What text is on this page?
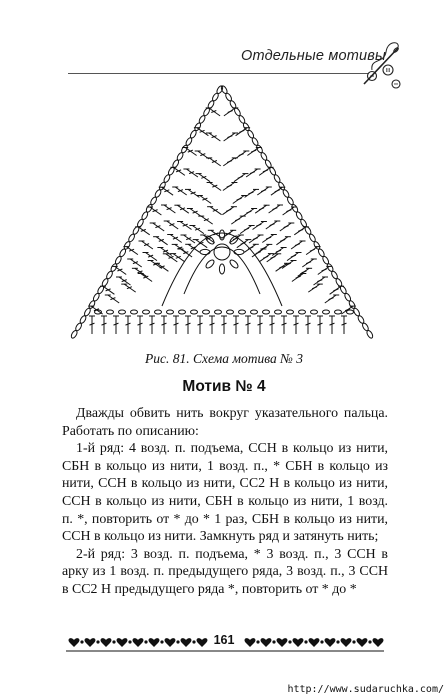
Отдельные мотивы
Рис. 81. Схема мотива № 3
Мотив № 4

Дважды обвить нить вокруг указательного пальца. Работать по описанию:

1-й ряд: 4 возд. п. подъема, ССН в кольцо из нити, СБН в кольцо из нити, 1 возд. п., * СБН в кольцо из нити, ССН в кольцо из нити, СС2 Н в кольцо из нити, ССН в кольцо из нити, СБН в кольцо из нити, 1 возд. п. *, повторить от * до * 1 раз, СБН в кольцо из нити, ССН в кольцо из нити. Замкнуть ряд и затянуть нить;

2-й ряд: 3 возд. п. подъема, * 3 возд. п., 3 ССН в арку из 1 возд. п. предыдущего ряда, 3 возд. п., 3 ССН в СС2 Н предыдущего ряда *, повторить от * до *

161
http://www.sudaruchka.com/
